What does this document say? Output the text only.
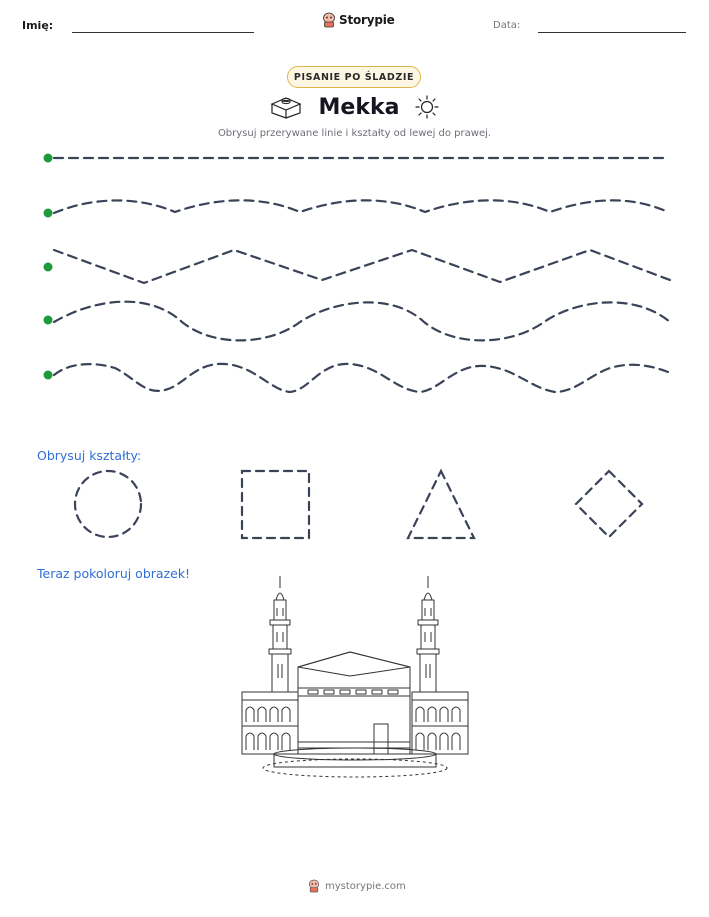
Imię:	Storypie	Data:
PISANIE PO ŚLADZIE
Mekka
Obrysuj przerywane linie i kształty od lewej do prawej.
Obrysuj kształty:
Teraz pokoloruj obrazek!
mystorypie.com
